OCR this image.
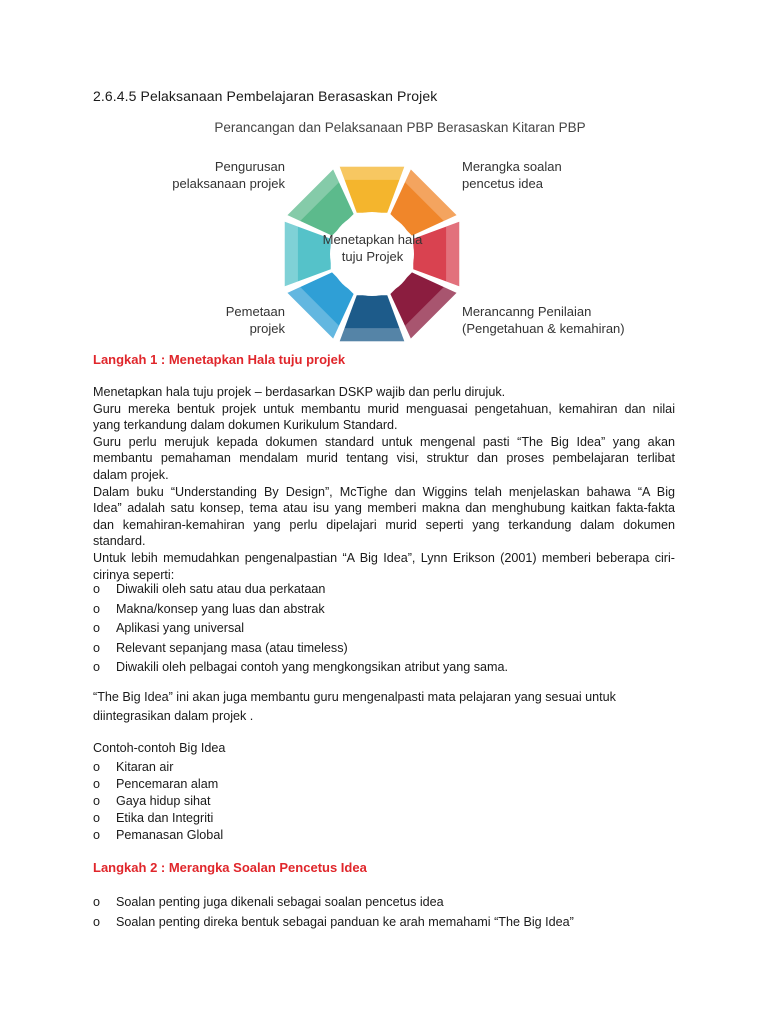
2.6.4.5 Pelaksanaan Pembelajaran Berasaskan Projek
Perancangan dan Pelaksanaan PBP Berasaskan Kitaran PBP
Menetapkan hala
tuju Projek
Pengurusan
pelaksanaan projek
Merangka soalan
pencetus idea
Pemetaan
projek
Merancanng Penilaian
(Pengetahuan & kemahiran)
Langkah 1 : Menetapkan Hala tuju projek
Menetapkan hala tuju projek – berdasarkan DSKP wajib dan perlu dirujuk.
Guru mereka bentuk projek untuk membantu murid menguasai pengetahuan, kemahiran dan nilai
yang terkandung dalam dokumen Kurikulum Standard.
Guru perlu merujuk kepada dokumen standard untuk mengenal pasti “The Big Idea” yang akan
membantu pemahaman mendalam murid tentang visi, struktur dan proses pembelajaran terlibat
dalam projek.
Dalam buku “Understanding By Design”, McTighe dan Wiggins telah menjelaskan bahawa “A Big
Idea” adalah satu konsep, tema atau isu yang memberi makna dan menghubung kaitkan fakta-fakta
dan kemahiran-kemahiran yang perlu dipelajari murid seperti yang terkandung dalam dokumen
standard.
Untuk lebih memudahkan pengenalpastian “A Big Idea”, Lynn Erikson (2001) memberi beberapa ciri-
cirinya seperti:
o Diwakili oleh satu atau dua perkataan
o Makna/konsep yang luas dan abstrak
o Aplikasi yang universal
o Relevant sepanjang masa (atau timeless)
o Diwakili oleh pelbagai contoh yang mengkongsikan atribut yang sama.
“The Big Idea” ini akan juga membantu guru mengenalpasti mata pelajaran yang sesuai untuk
diintegrasikan dalam projek .
Contoh-contoh Big Idea
o Kitaran air
o Pencemaran alam
o Gaya hidup sihat
o Etika dan Integriti
o Pemanasan Global
Langkah 2 : Merangka Soalan Pencetus Idea
o Soalan penting juga dikenali sebagai soalan pencetus idea
o Soalan penting direka bentuk sebagai panduan ke arah memahami “The Big Idea”
